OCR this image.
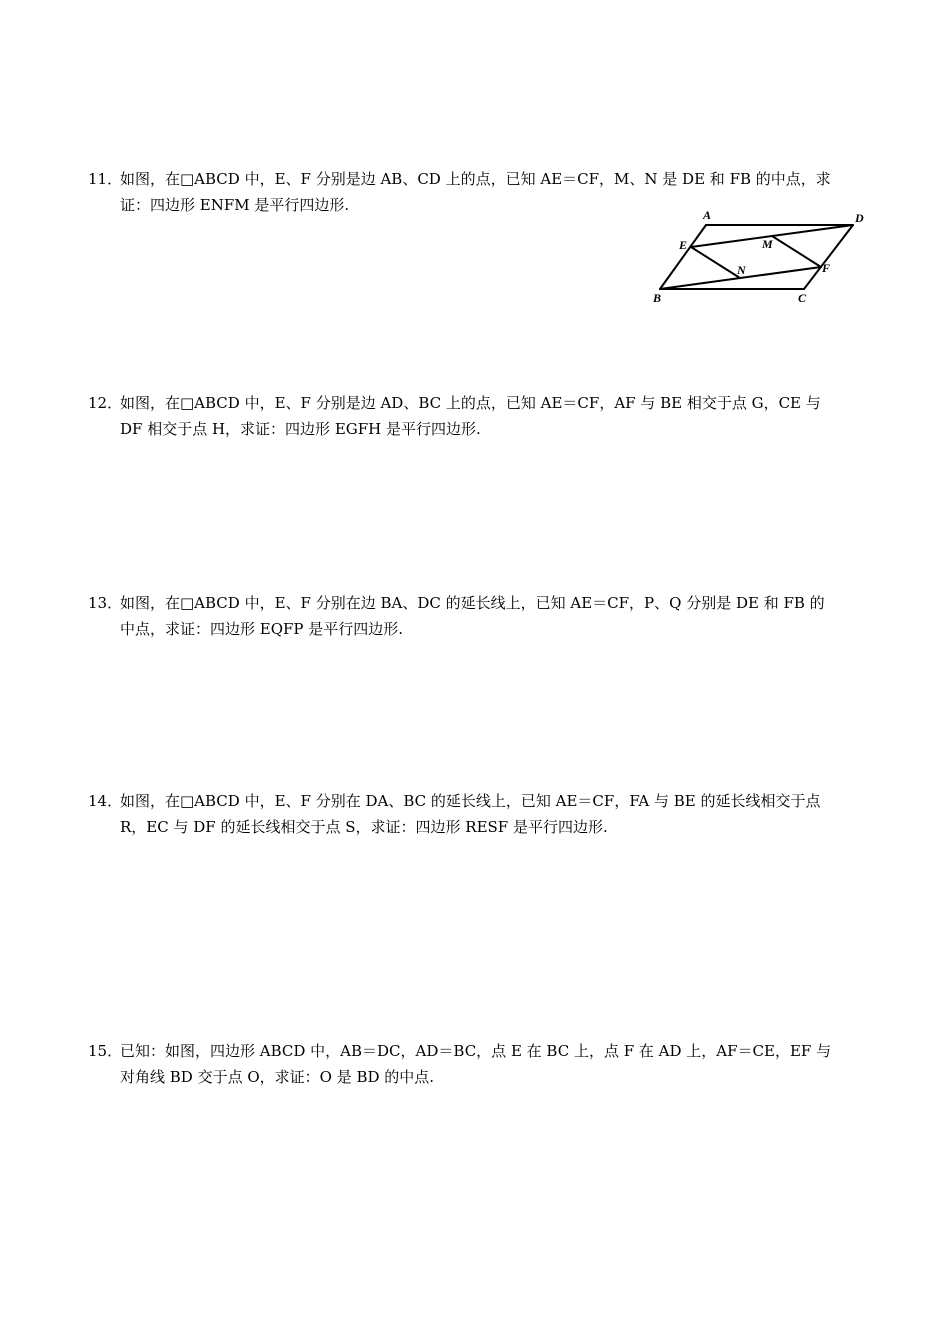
11．如图，在□ABCD 中，E、F 分别是边 AB、CD 上的点，已知 AE＝CF，M、N 是 DE 和 FB 的中点，求
证：四边形 ENFM 是平行四边形.
A	D
E	M
N	F
B	C
12．如图，在□ABCD 中，E、F 分别是边 AD、BC 上的点，已知 AE＝CF，AF 与 BE 相交于点 G，CE 与
DF 相交于点 H，求证：四边形 EGFH 是平行四边形.
13．如图，在□ABCD 中，E、F 分别在边 BA、DC 的延长线上，已知 AE＝CF，P、Q 分别是 DE 和 FB 的
中点，求证：四边形 EQFP 是平行四边形.
14．如图，在□ABCD 中，E、F 分别在 DA、BC 的延长线上，已知 AE＝CF，FA 与 BE 的延长线相交于点
R，EC 与 DF 的延长线相交于点 S，求证：四边形 RESF 是平行四边形.
15．已知：如图，四边形 ABCD 中，AB＝DC，AD＝BC，点 E 在 BC 上，点 F 在 AD 上，AF＝CE，EF 与
对角线 BD 交于点 O，求证：O 是 BD 的中点.
